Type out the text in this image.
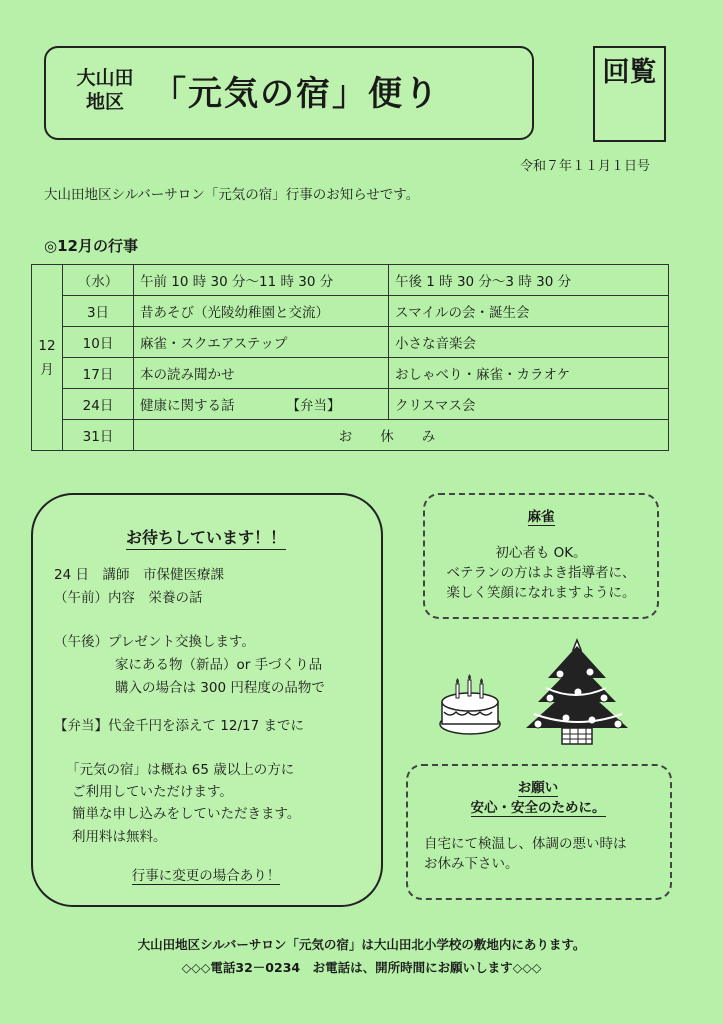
大山田地区 「元気の宿」便り
回覧
令和７年１１月１日号
大山田地区シルバーサロン「元気の宿」行事のお知らせです。
◎12月の行事
12月	（水）	午前 10 時 30 分～11 時 30 分	午後 1 時 30 分～3 時 30 分
	3日	昔あそび（光陵幼稚園と交流）	スマイルの会・誕生会
	10日	麻雀・スクエアステップ	小さな音楽会
	17日	本の読み聞かせ	おしゃべり・麻雀・カラオケ
	24日	健康に関する話 【弁当】	クリスマス会
	31日	お休み	
お待ちしています！！
24 日　講師　市保健医療課
（午前）内容　栄養の話
（午後）プレゼント交換します。
家にある物（新品）or 手づくり品
購入の場合は 300 円程度の品物で
【弁当】代金千円を添えて 12/17 までに
「元気の宿」は概ね 65 歳以上の方に
ご利用していただけます。
簡単な申し込みをしていただきます。
利用料は無料。
行事に変更の場合あり！
麻雀
初心者も OK。
ベテランの方はよき指導者に、
楽しく笑顔になれますように。
お願い
安心・安全のために。
自宅にて検温し、体調の悪い時は
お休み下さい。
大山田地区シルバーサロン「元気の宿」は大山田北小学校の敷地内にあります。
◇◇◇電話32－0234　お電話は、開所時間にお願いします◇◇◇
